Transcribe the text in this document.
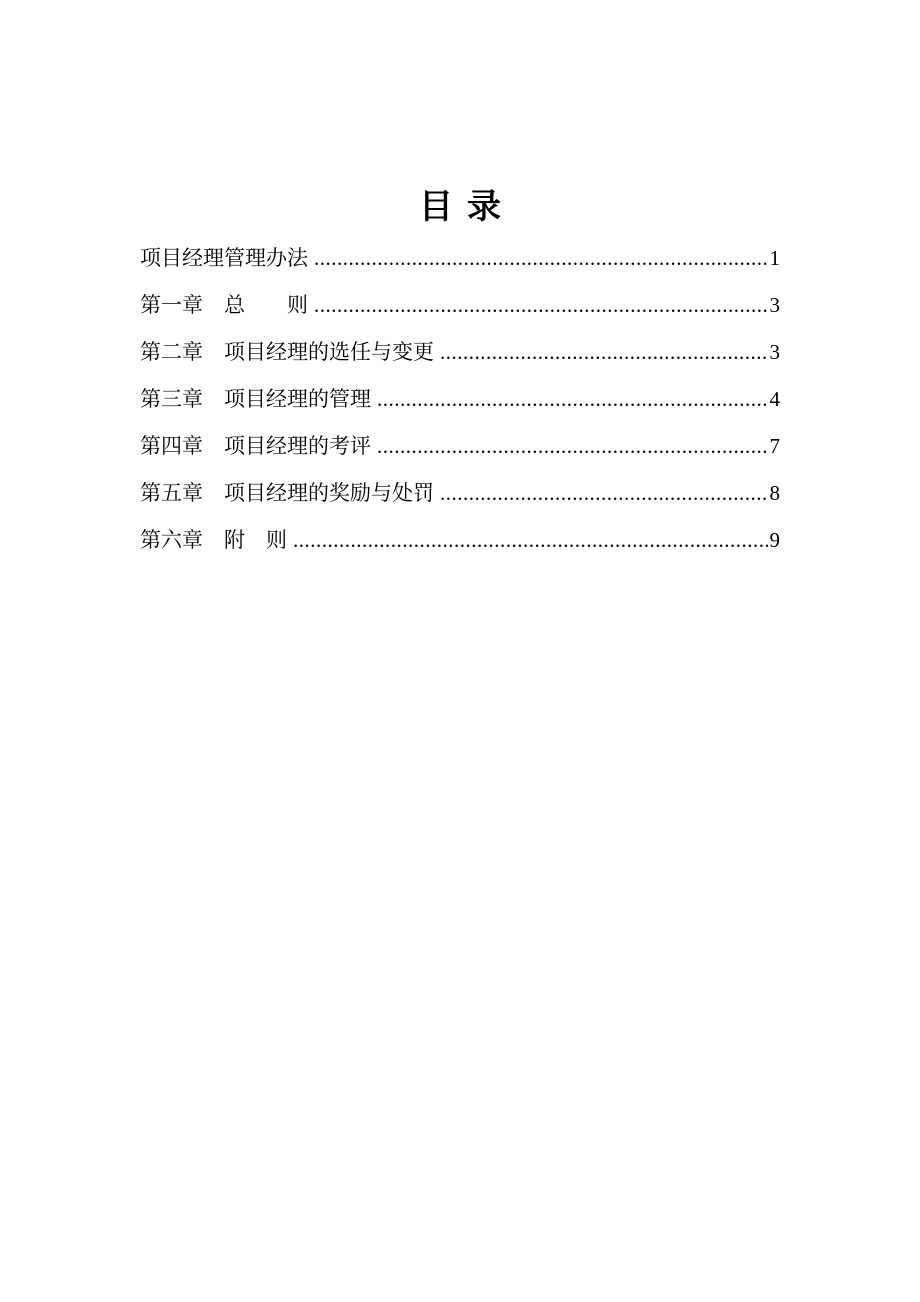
目 录
项目经理管理办法 .....	1
第一章　总　　则 .....	3
第二章　项目经理的选任与变更 .....	3
第三章　项目经理的管理 .....	4
第四章　项目经理的考评 .....	7
第五章　项目经理的奖励与处罚 .....	8
第六章　附　则 .....	9
